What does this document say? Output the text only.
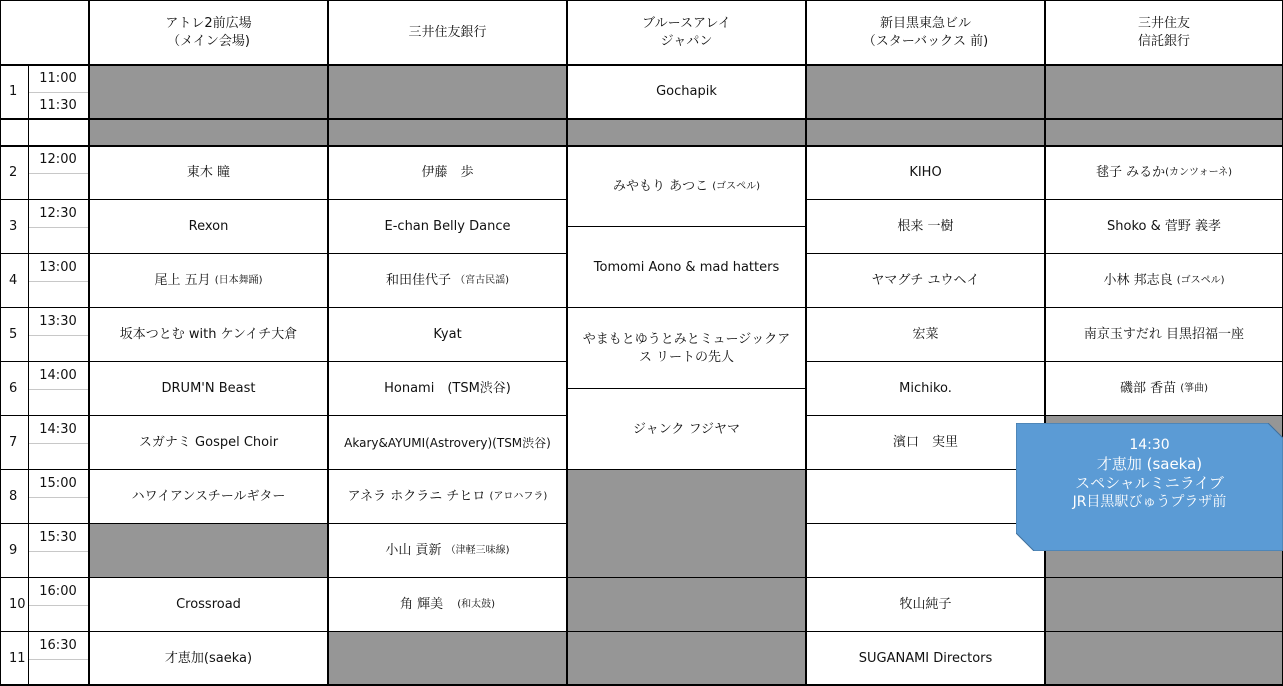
アトレ2前広場
（メイン会場)
三井住友銀行
ブルースアレイ
ジャパン
新目黒東急ビル
（スターバックス 前)
三井住友
信託銀行
1
2
3
4
5
6
7
8
9
10
11
11:00
11:30
12:00
12:30
13:00
13:30
14:00
14:30
15:00
15:30
16:00
16:30
東木 瞳
Rexon
尾上 五月
(日本舞踊)
坂本つとむ with ケンイチ大倉
DRUM'N Beast
スガナミ Gospel Choir
ハワイアンスチールギター
Crossroad
才恵加(saeka)
伊藤　歩
E-chan Belly Dance
和田佳代子
（宮古民謡)
Kyat
Honami　(TSM渋谷)
Akary&AYUMI(Astrovery)(TSM渋谷)
アネラ ホクラニ チヒロ
(アロハフラ)
小山 貢新
（津軽三味線)
角 輝美
　(和太鼓)
Gochapik
みやもり あつこ
(ゴスペル)
Tomomi Aono & mad hatters
やまもとゆうとみとミュージックアス リートの先人
ジャンク フジヤマ
KIHO
根来 一樹
ヤマグチ ユウヘイ
宏菜
Michiko.
濱口　実里
牧山純子
SUGANAMI Directors
毬子 みるか (カンツォーネ)
Shoko & 菅野 義孝
小林 邦志良
(ゴスペル)
南京玉すだれ 目黒招福一座
磯部 香苗
(箏曲)
14:30
才恵加 (saeka)
スペシャルミニライブ
JR目黒駅びゅうプラザ前
